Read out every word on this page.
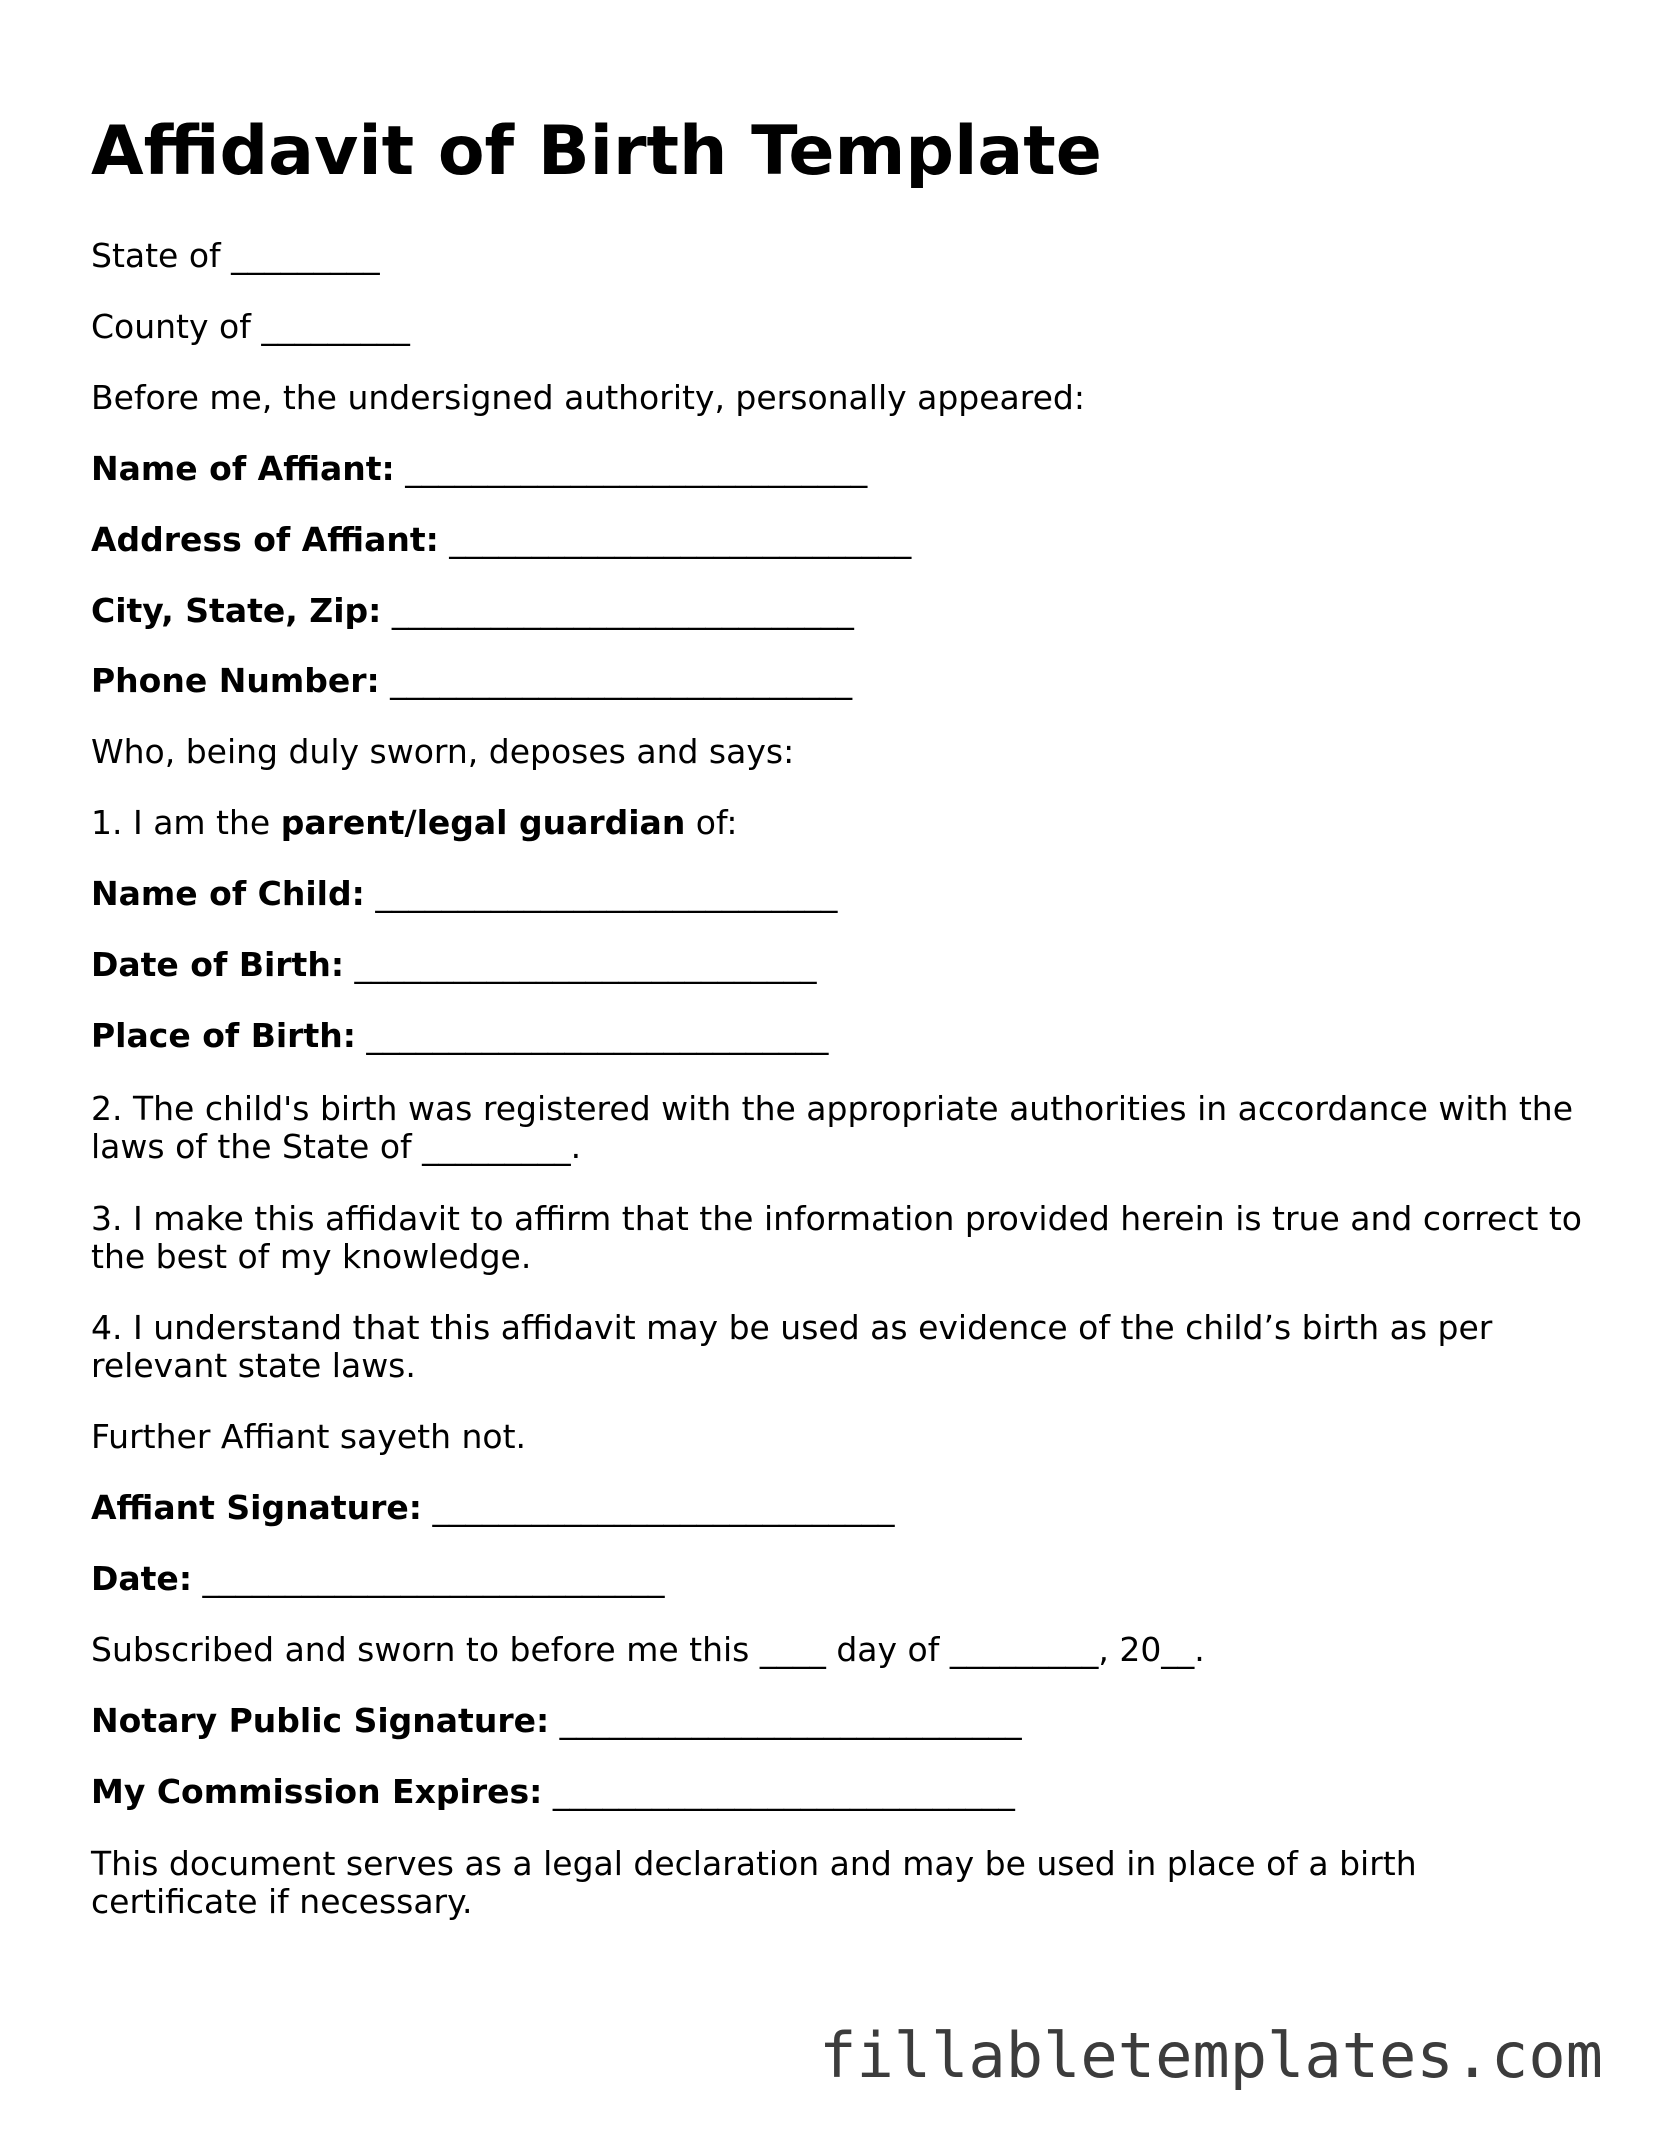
Affidavit of Birth Template

State of _________

County of _________

Before me, the undersigned authority, personally appeared:

Name of Affiant: ____________________________

Address of Affiant: ____________________________

City, State, Zip: ____________________________

Phone Number: ____________________________

Who, being duly sworn, deposes and says:

1. I am the parent/legal guardian of:

Name of Child: ____________________________

Date of Birth: ____________________________

Place of Birth: ____________________________

2. The child's birth was registered with the appropriate authorities in accordance with the laws of the State of _________.

3. I make this affidavit to affirm that the information provided herein is true and correct to the best of my knowledge.

4. I understand that this affidavit may be used as evidence of the child’s birth as per relevant state laws.

Further Affiant sayeth not.

Affiant Signature: ____________________________

Date: ____________________________

Subscribed and sworn to before me this ____ day of _________, 20__.

Notary Public Signature: ____________________________

My Commission Expires: ____________________________

This document serves as a legal declaration and may be used in place of a birth certificate if necessary.

fillabletemplates.com
